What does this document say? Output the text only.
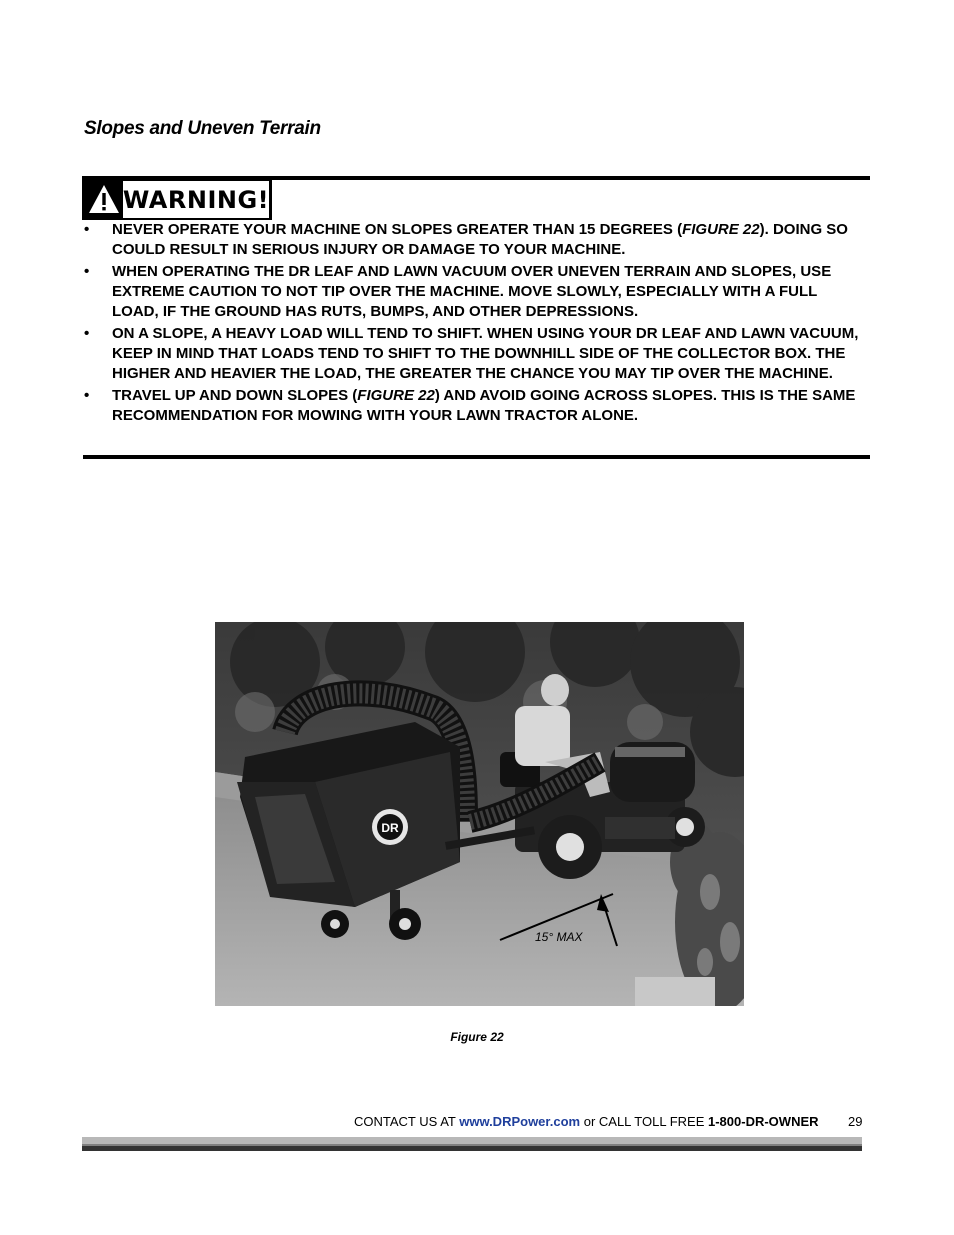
Slopes and Uneven Terrain
WARNING!
• NEVER OPERATE YOUR MACHINE ON SLOPES GREATER THAN 15 DEGREES (FIGURE 22). DOING SO COULD RESULT IN SERIOUS INJURY OR DAMAGE TO YOUR MACHINE.
• WHEN OPERATING THE DR LEAF AND LAWN VACUUM OVER UNEVEN TERRAIN AND SLOPES, USE EXTREME CAUTION TO NOT TIP OVER THE MACHINE. MOVE SLOWLY, ESPECIALLY WITH A FULL LOAD, IF THE GROUND HAS RUTS, BUMPS, AND OTHER DEPRESSIONS.
• ON A SLOPE, A HEAVY LOAD WILL TEND TO SHIFT. WHEN USING YOUR DR LEAF AND LAWN VACUUM, KEEP IN MIND THAT LOADS TEND TO SHIFT TO THE DOWNHILL SIDE OF THE COLLECTOR BOX. THE HIGHER AND HEAVIER THE LOAD, THE GREATER THE CHANCE YOU MAY TIP OVER THE MACHINE.
• TRAVEL UP AND DOWN SLOPES (FIGURE 22) AND AVOID GOING ACROSS SLOPES. THIS IS THE SAME RECOMMENDATION FOR MOWING WITH YOUR LAWN TRACTOR ALONE.
DR
15° MAX
Figure 22
CONTACT US AT www.DRPower.com or CALL TOLL FREE 1-800-DR-OWNER 29
